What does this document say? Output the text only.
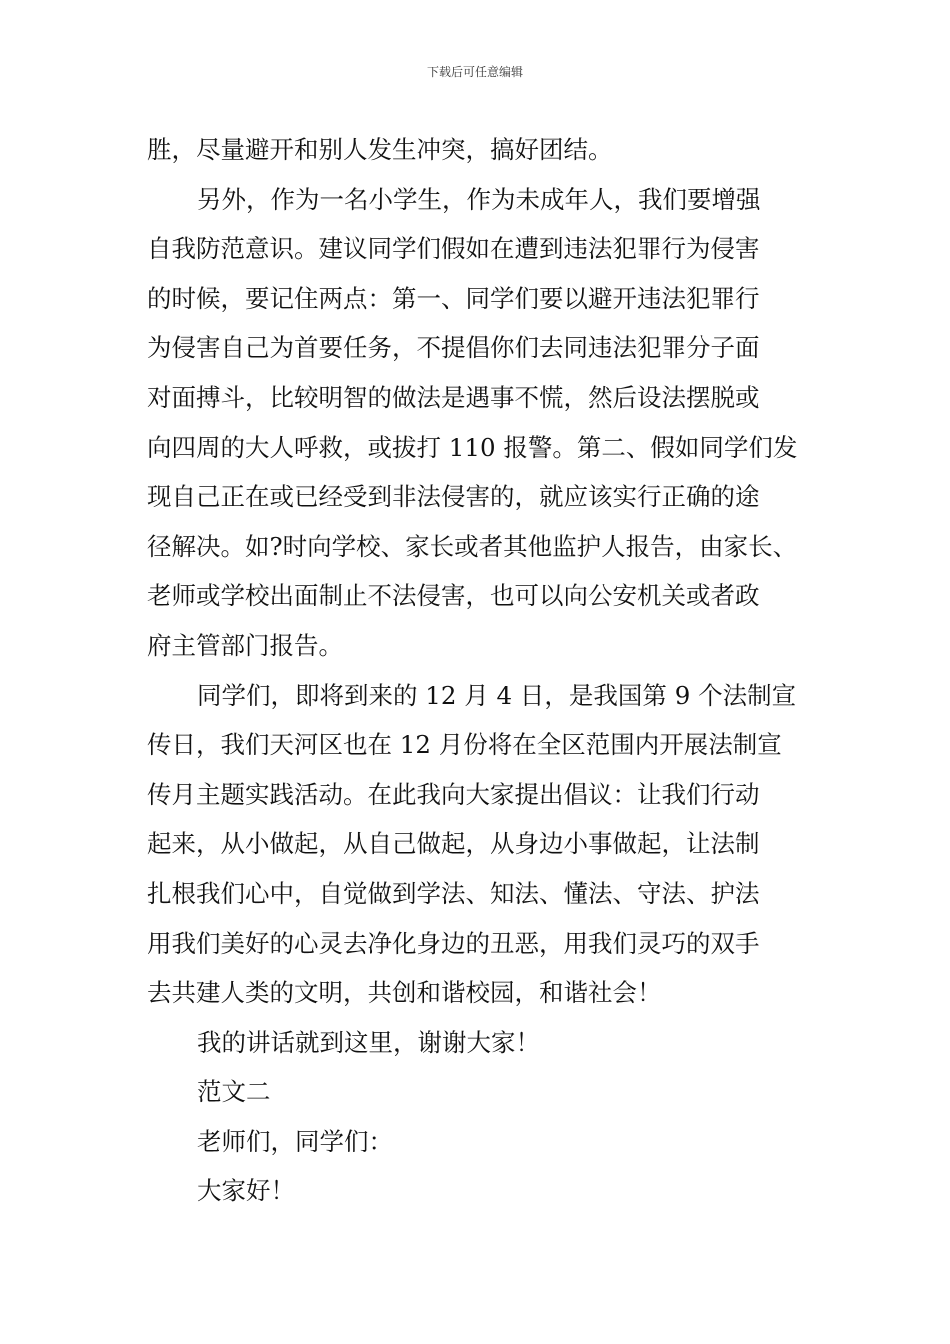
下载后可任意编辑
胜，尽量避开和别人发生冲突，搞好团结。
另外，作为一名小学生，作为未成年人，我们要增强
自我防范意识。建议同学们假如在遭到违法犯罪行为侵害
的时候，要记住两点：第一、同学们要以避开违法犯罪行
为侵害自己为首要任务，不提倡你们去同违法犯罪分子面
对面搏斗，比较明智的做法是遇事不慌，然后设法摆脱或
向四周的大人呼救，或拔打 110 报警。第二、假如同学们发
现自己正在或已经受到非法侵害的，就应该实行正确的途
径解决。如?时向学校、家长或者其他监护人报告，由家长、
老师或学校出面制止不法侵害，也可以向公安机关或者政
府主管部门报告。
同学们，即将到来的 12 月 4 日，是我国第 9 个法制宣
传日，我们天河区也在 12 月份将在全区范围内开展法制宣
传月主题实践活动。在此我向大家提出倡议：让我们行动
起来，从小做起，从自己做起，从身边小事做起，让法制
扎根我们心中，自觉做到学法、知法、懂法、守法、护法
用我们美好的心灵去净化身边的丑恶，用我们灵巧的双手
去共建人类的文明，共创和谐校园，和谐社会！
我的讲话就到这里，谢谢大家！
范文二
老师们，同学们：
大家好！
